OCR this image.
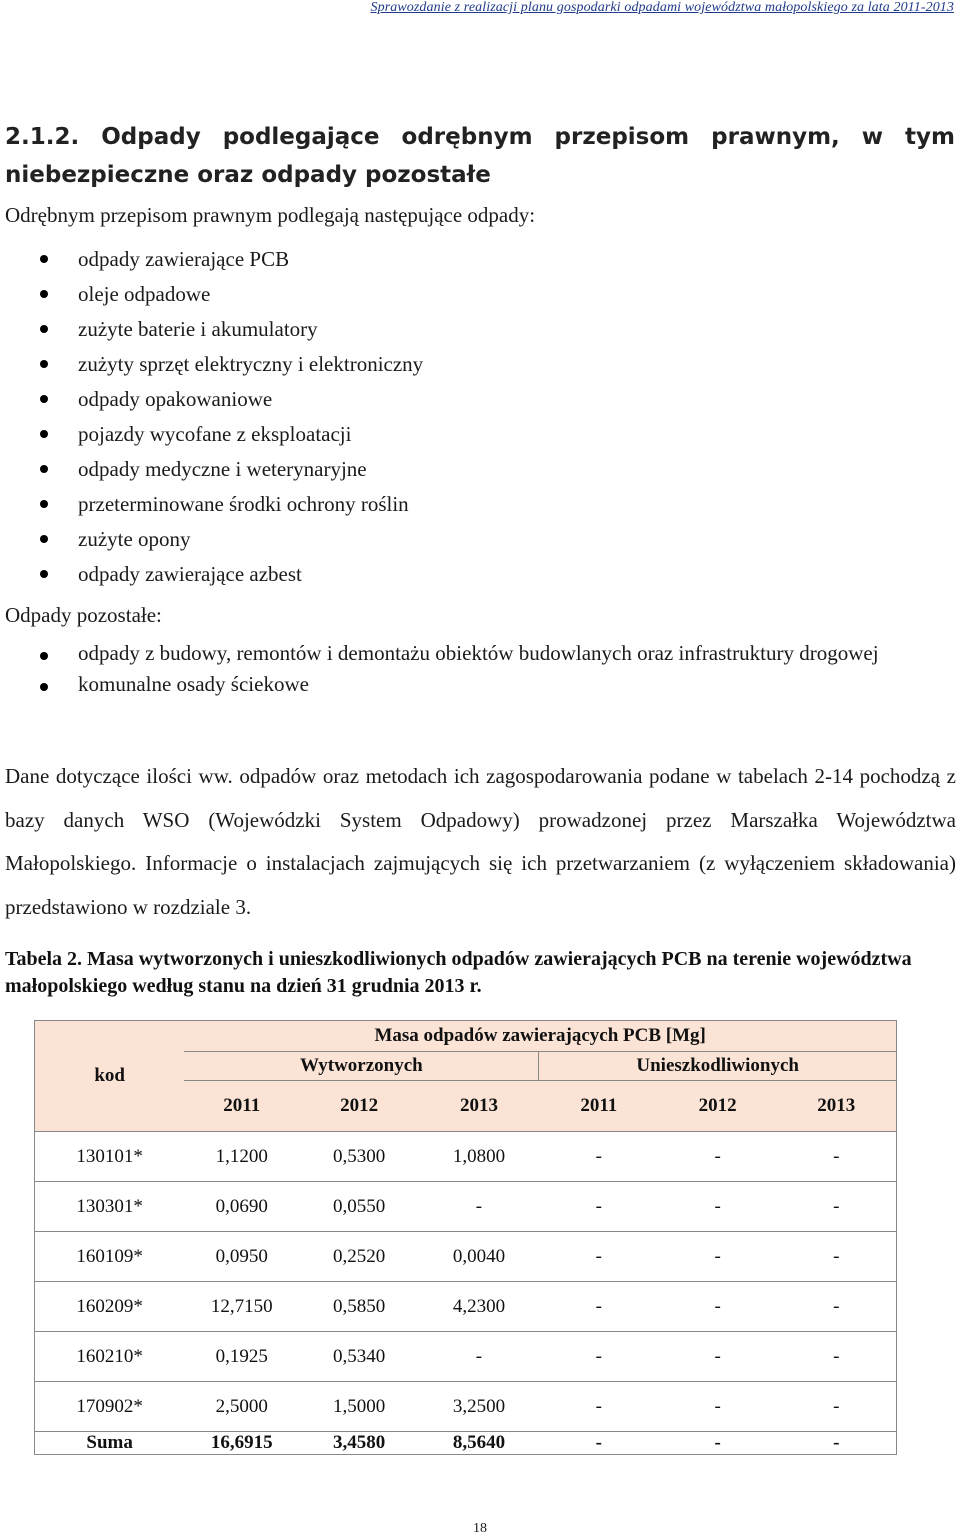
Sprawozdanie z realizacji planu gospodarki odpadami województwa małopolskiego za lata 2011-2013
2.1.2. Odpady podlegające odrębnym przepisom prawnym, w tym
niebezpieczne oraz odpady pozostałe
Odrębnym przepisom prawnym podlegają następujące odpady:
odpady zawierające PCB
oleje odpadowe
zużyte baterie i akumulatory
zużyty sprzęt elektryczny i elektroniczny
odpady opakowaniowe
pojazdy wycofane z eksploatacji
odpady medyczne i weterynaryjne
przeterminowane środki ochrony roślin
zużyte opony
odpady zawierające azbest
Odpady pozostałe:
odpady z budowy, remontów i demontażu obiektów budowlanych oraz infrastruktury drogowej
komunalne osady ściekowe
Dane dotyczące ilości ww. odpadów oraz metodach ich zagospodarowania podane w tabelach 2-14 pochodzą z bazy danych WSO (Wojewódzki System Odpadowy) prowadzonej przez Marszałka Województwa Małopolskiego. Informacje o instalacjach zajmujących się ich przetwarzaniem (z wyłączeniem składowania) przedstawiono w rozdziale 3.
Tabela 2. Masa wytworzonych i unieszkodliwionych odpadów zawierających PCB na terenie województwa małopolskiego według stanu na dzień 31 grudnia 2013 r.
kod	Masa odpadów zawierających PCB [Mg]					
	Wytworzonych			Unieszkodliwionych		
	2011	2012	2013	2011	2012	2013
130101*	1,1200	0,5300	1,0800	-	-	-
130301*	0,0690	0,0550	-	-	-	-
160109*	0,0950	0,2520	0,0040	-	-	-
160209*	12,7150	0,5850	4,2300	-	-	-
160210*	0,1925	0,5340	-	-	-	-
170902*	2,5000	1,5000	3,2500	-	-	-
Suma	16,6915	3,4580	8,5640	-	-	-
18
